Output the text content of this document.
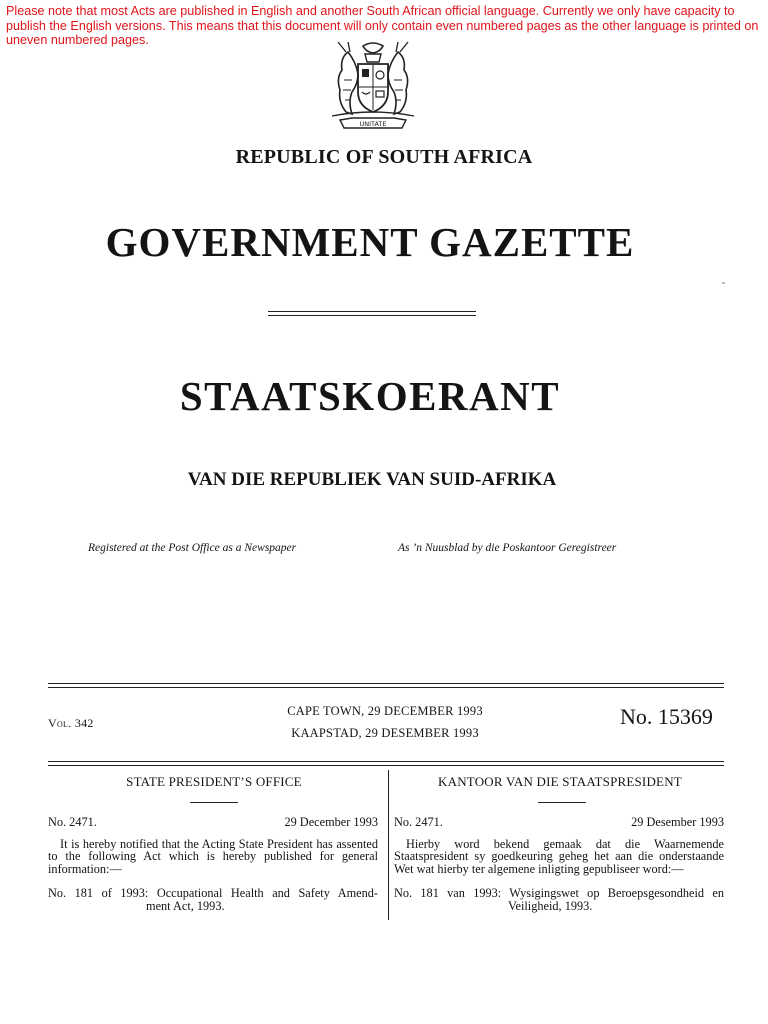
Please note that most Acts are published in English and another South African official language. Currently we only have capacity to publish the English versions. This means that this document will only contain even numbered pages as the other language is printed on uneven numbered pages.
UNITATE
REPUBLIC OF SOUTH AFRICA
GOVERNMENT GAZETTE
STAATSKOERANT
VAN DIE REPUBLIEK VAN SUID-AFRIKA
Registered at the Post Office as a Newspaper	As ’n Nuusblad by die Poskantoor Geregistreer
Vol. 342
CAPE TOWN, 29 DECEMBER 1993
KAAPSTAD, 29 DESEMBER 1993
No. 15369
STATE PRESIDENT’S OFFICE
No. 2471.	29 December 1993
It is hereby notified that the Acting State President has assented to the following Act which is hereby published for general information:—
No. 181 of 1993: Occupational Health and Safety Amend-
ment Act, 1993.
KANTOOR VAN DIE STAATSPRESIDENT
No. 2471.	29 Desember 1993
Hierby word bekend gemaak dat die Waarnemende Staatspresident sy goedkeuring geheg het aan die onderstaande Wet wat hierby ter algemene inligting gepubliseer word:—
No. 181 van 1993: Wysigingswet op Beroepsgesondheid en
Veiligheid, 1993.
